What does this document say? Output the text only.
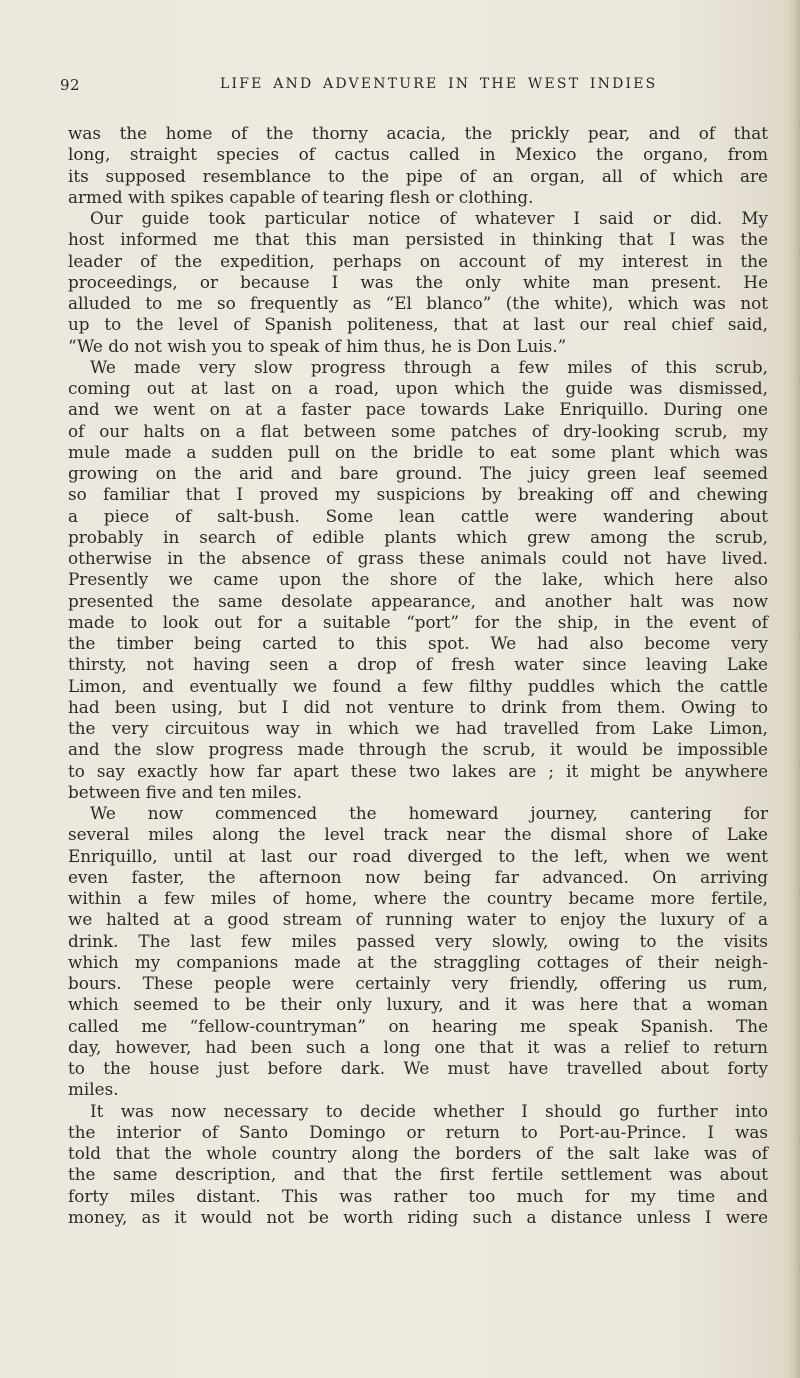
92	LIFE AND ADVENTURE IN THE WEST INDIES
was the home of the thorny acacia, the prickly pear, and of that
long, straight species of cactus called in Mexico the organo, from
its supposed resemblance to the pipe of an organ, all of which are
armed with spikes capable of tearing flesh or clothing.
Our guide took particular notice of whatever I said or did. My
host informed me that this man persisted in thinking that I was the
leader of the expedition, perhaps on account of my interest in the
proceedings, or because I was the only white man present. He
alluded to me so frequently as “El blanco” (the white), which was not
up to the level of Spanish politeness, that at last our real chief said,
“We do not wish you to speak of him thus, he is Don Luis.”
We made very slow progress through a few miles of this scrub,
coming out at last on a road, upon which the guide was dismissed,
and we went on at a faster pace towards Lake Enriquillo. During one
of our halts on a flat between some patches of dry-looking scrub, my
mule made a sudden pull on the bridle to eat some plant which was
growing on the arid and bare ground. The juicy green leaf seemed
so familiar that I proved my suspicions by breaking off and chewing
a piece of salt-bush. Some lean cattle were wandering about
probably in search of edible plants which grew among the scrub,
otherwise in the absence of grass these animals could not have lived.
Presently we came upon the shore of the lake, which here also
presented the same desolate appearance, and another halt was now
made to look out for a suitable “port” for the ship, in the event of
the timber being carted to this spot. We had also become very
thirsty, not having seen a drop of fresh water since leaving Lake
Limon, and eventually we found a few filthy puddles which the cattle
had been using, but I did not venture to drink from them. Owing to
the very circuitous way in which we had travelled from Lake Limon,
and the slow progress made through the scrub, it would be impossible
to say exactly how far apart these two lakes are ; it might be anywhere
between five and ten miles.
We now commenced the homeward journey, cantering for
several miles along the level track near the dismal shore of Lake
Enriquillo, until at last our road diverged to the left, when we went
even faster, the afternoon now being far advanced. On arriving
within a few miles of home, where the country became more fertile,
we halted at a good stream of running water to enjoy the luxury of a
drink. The last few miles passed very slowly, owing to the visits
which my companions made at the straggling cottages of their neigh-
bours. These people were certainly very friendly, offering us rum,
which seemed to be their only luxury, and it was here that a woman
called me “fellow-countryman” on hearing me speak Spanish. The
day, however, had been such a long one that it was a relief to return
to the house just before dark. We must have travelled about forty
miles.
It was now necessary to decide whether I should go further into
the interior of Santo Domingo or return to Port-au-Prince. I was
told that the whole country along the borders of the salt lake was of
the same description, and that the first fertile settlement was about
forty miles distant. This was rather too much for my time and
money, as it would not be worth riding such a distance unless I were
